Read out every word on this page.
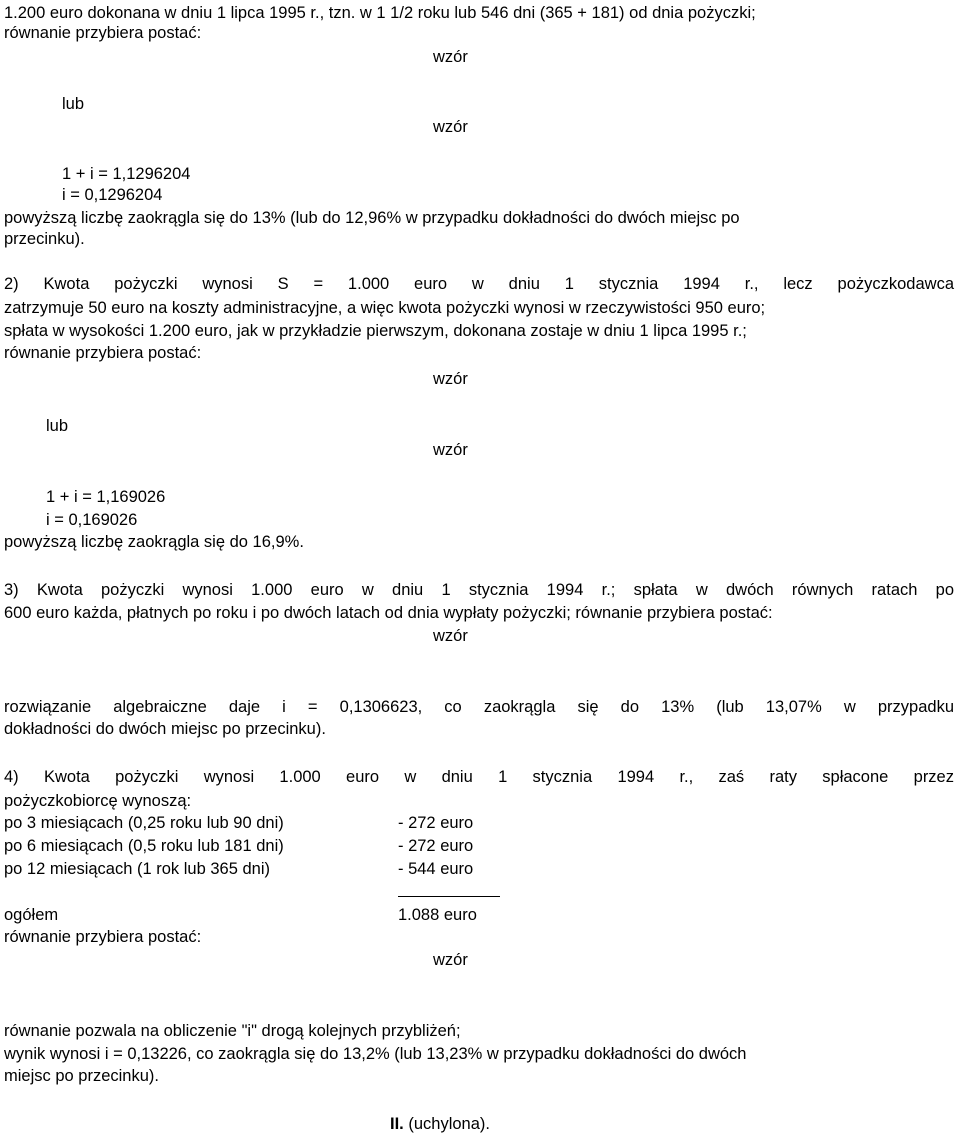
1.200 euro dokonana w dniu 1 lipca 1995 r., tzn. w 1 1/2 roku lub 546 dni (365 + 181) od dnia pożyczki;
równanie przybiera postać:
wzór
lub
wzór
1 + i = 1,1296204
i = 0,1296204
powyższą liczbę zaokrągla się do 13% (lub do 12,96% w przypadku dokładności do dwóch miejsc po
przecinku).
2) Kwota pożyczki wynosi S = 1.000 euro w dniu 1 stycznia 1994 r., lecz pożyczkodawca
zatrzymuje 50 euro na koszty administracyjne, a więc kwota pożyczki wynosi w rzeczywistości 950 euro;
spłata w wysokości 1.200 euro, jak w przykładzie pierwszym, dokonana zostaje w dniu 1 lipca 1995 r.;
równanie przybiera postać:
wzór
lub
wzór
1 + i = 1,169026
i = 0,169026
powyższą liczbę zaokrągla się do 16,9%.
3) Kwota pożyczki wynosi 1.000 euro w dniu 1 stycznia 1994 r.; spłata w dwóch równych ratach po
600 euro każda, płatnych po roku i po dwóch latach od dnia wypłaty pożyczki; równanie przybiera postać:
wzór
rozwiązanie algebraiczne daje i = 0,1306623, co zaokrągla się do 13% (lub 13,07% w przypadku
dokładności do dwóch miejsc po przecinku).
4) Kwota pożyczki wynosi 1.000 euro w dniu 1 stycznia 1994 r., zaś raty spłacone przez
pożyczkobiorcę wynoszą:
po 3 miesiącach (0,25 roku lub 90 dni)	- 272 euro
po 6 miesiącach (0,5 roku lub 181 dni)	- 272 euro
po 12 miesiącach (1 rok lub 365 dni)	- 544 euro
ogółem	1.088 euro
równanie przybiera postać:
wzór
równanie pozwala na obliczenie "i" drogą kolejnych przybliżeń;
wynik wynosi i = 0,13226, co zaokrągla się do 13,2% (lub 13,23% w przypadku dokładności do dwóch
miejsc po przecinku).
II. (uchylona).
